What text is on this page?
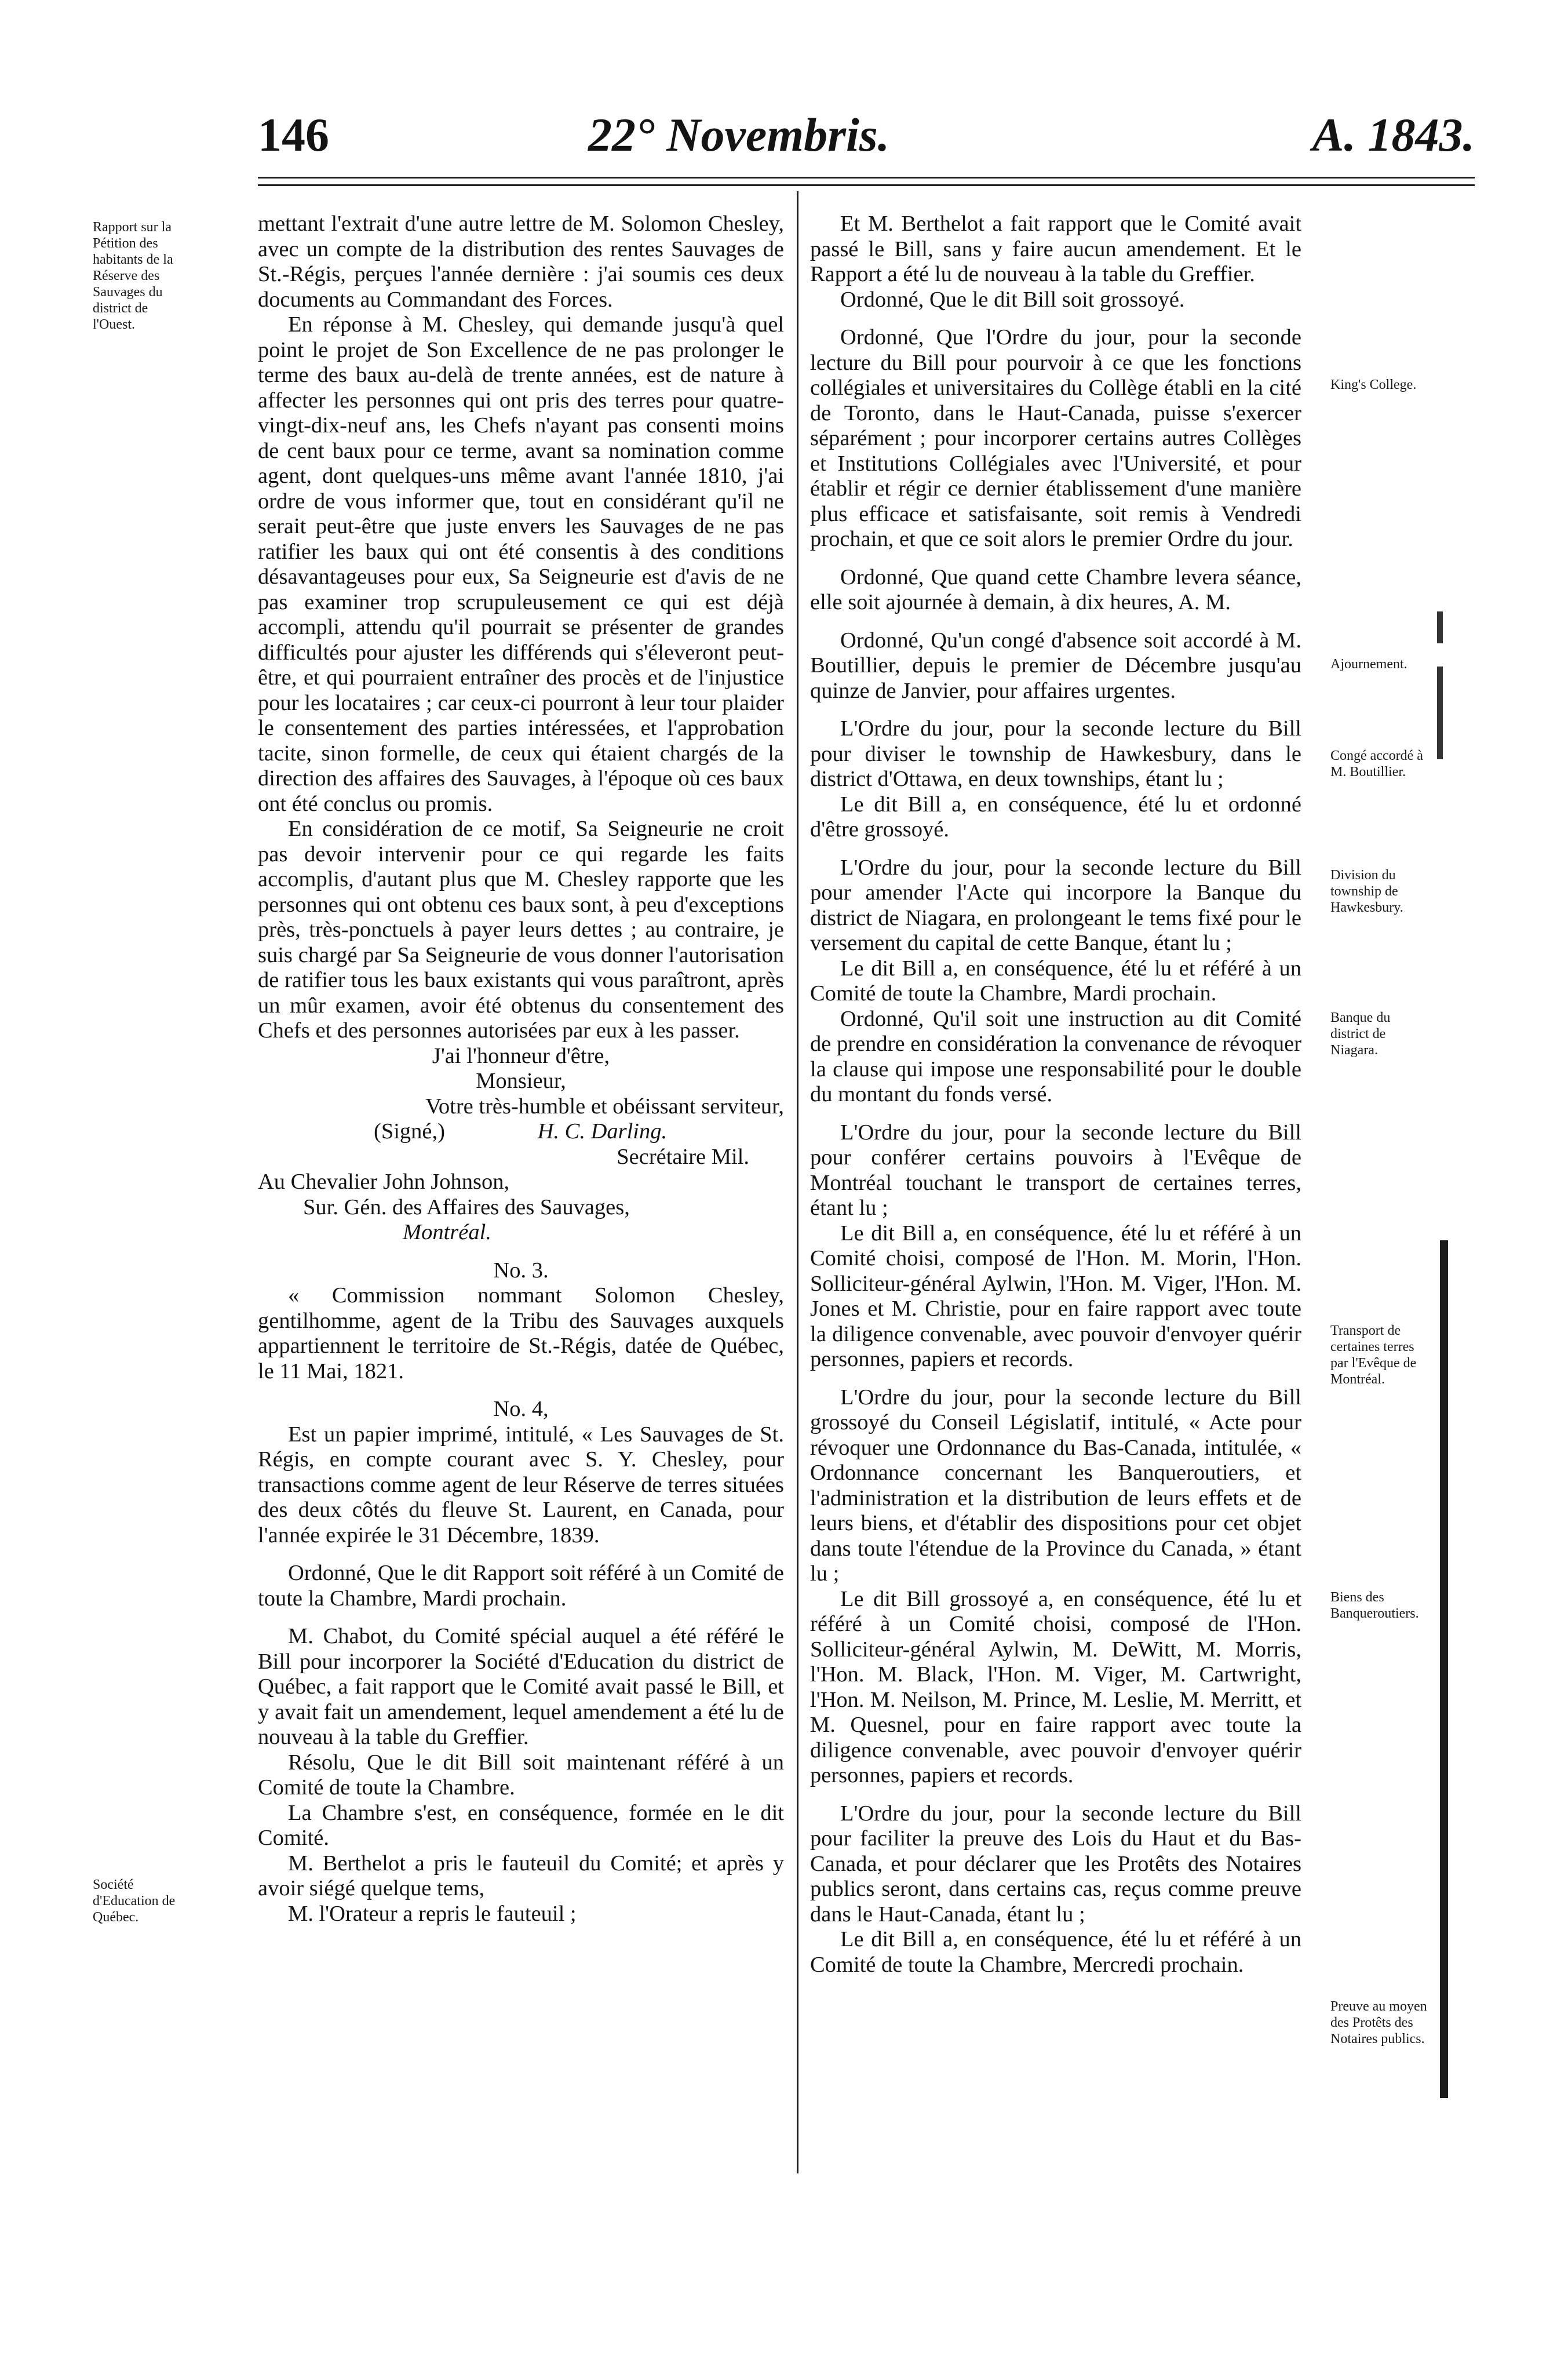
146	22° Novembris.	A. 1843.
Rapport sur la Pétition des habitants de la Réserve des Sauvages du district de l'Ouest.
Société d'Education de Québec.
King's College.
Ajournement.
Congé accordé à M. Boutillier.
Division du township de Hawkesbury.
Banque du district de Niagara.
Transport de certaines terres par l'Evêque de Montréal.
Biens des Banqueroutiers.
Preuve au moyen des Protêts des Notaires publics.

mettant l'extrait d'une autre lettre de M. Solomon Chesley, avec un compte de la distribution des rentes Sauvages de St.-Régis, perçues l'année dernière : j'ai soumis ces deux documents au Commandant des Forces.

En réponse à M. Chesley, qui demande jusqu'à quel point le projet de Son Excellence de ne pas prolonger le terme des baux au-delà de trente années, est de nature à affecter les personnes qui ont pris des terres pour quatre-vingt-dix-neuf ans, les Chefs n'ayant pas consenti moins de cent baux pour ce terme, avant sa nomination comme agent, dont quelques-uns même avant l'année 1810, j'ai ordre de vous informer que, tout en considérant qu'il ne serait peut-être que juste envers les Sauvages de ne pas ratifier les baux qui ont été consentis à des conditions désavantageuses pour eux, Sa Seigneurie est d'avis de ne pas examiner trop scrupuleusement ce qui est déjà accompli, attendu qu'il pourrait se présenter de grandes difficultés pour ajuster les différends qui s'éleveront peut-être, et qui pourraient entraîner des procès et de l'injustice pour les locataires ; car ceux-ci pourront à leur tour plaider le consentement des parties intéressées, et l'approbation tacite, sinon formelle, de ceux qui étaient chargés de la direction des affaires des Sauvages, à l'époque où ces baux ont été conclus ou promis.

En considération de ce motif, Sa Seigneurie ne croit pas devoir intervenir pour ce qui regarde les faits accomplis, d'autant plus que M. Chesley rapporte que les personnes qui ont obtenu ces baux sont, à peu d'exceptions près, très-ponctuels à payer leurs dettes ; au contraire, je suis chargé par Sa Seigneurie de vous donner l'autorisation de ratifier tous les baux existants qui vous paraîtront, après un mûr examen, avoir été obtenus du consentement des Chefs et des personnes autorisées par eux à les passer.

J'ai l'honneur d'être,

Monsieur,

Votre très-humble et obéissant serviteur,

(Signé,)	H. C. Darling.

Secrétaire Mil.

Au Chevalier John Johnson,

Sur. Gén. des Affaires des Sauvages,

Montréal.

No. 3.

« Commission nommant Solomon Chesley, gentilhomme, agent de la Tribu des Sauvages auxquels appartiennent le territoire de St.-Régis, datée de Québec, le 11 Mai, 1821.

No. 4,

Est un papier imprimé, intitulé, « Les Sauvages de St. Régis, en compte courant avec S. Y. Chesley, pour transactions comme agent de leur Réserve de terres situées des deux côtés du fleuve St. Laurent, en Canada, pour l'année expirée le 31 Décembre, 1839.

Ordonné, Que le dit Rapport soit référé à un Comité de toute la Chambre, Mardi prochain.

M. Chabot, du Comité spécial auquel a été référé le Bill pour incorporer la Société d'Education du district de Québec, a fait rapport que le Comité avait passé le Bill, et y avait fait un amendement, lequel amendement a été lu de nouveau à la table du Greffier.

Résolu, Que le dit Bill soit maintenant référé à un Comité de toute la Chambre.

La Chambre s'est, en conséquence, formée en le dit Comité.

M. Berthelot a pris le fauteuil du Comité; et après y avoir siégé quelque tems,

M. l'Orateur a repris le fauteuil ;

Et M. Berthelot a fait rapport que le Comité avait passé le Bill, sans y faire aucun amendement. Et le Rapport a été lu de nouveau à la table du Greffier.

Ordonné, Que le dit Bill soit grossoyé.

Ordonné, Que l'Ordre du jour, pour la seconde lecture du Bill pour pourvoir à ce que les fonctions collégiales et universitaires du Collège établi en la cité de Toronto, dans le Haut-Canada, puisse s'exercer séparément ; pour incorporer certains autres Collèges et Institutions Collégiales avec l'Université, et pour établir et régir ce dernier établissement d'une manière plus efficace et satisfaisante, soit remis à Vendredi prochain, et que ce soit alors le premier Ordre du jour.

Ordonné, Que quand cette Chambre levera séance, elle soit ajournée à demain, à dix heures, A. M.

Ordonné, Qu'un congé d'absence soit accordé à M. Boutillier, depuis le premier de Décembre jusqu'au quinze de Janvier, pour affaires urgentes.

L'Ordre du jour, pour la seconde lecture du Bill pour diviser le township de Hawkesbury, dans le district d'Ottawa, en deux townships, étant lu ;

Le dit Bill a, en conséquence, été lu et ordonné d'être grossoyé.

L'Ordre du jour, pour la seconde lecture du Bill pour amender l'Acte qui incorpore la Banque du district de Niagara, en prolongeant le tems fixé pour le versement du capital de cette Banque, étant lu ;

Le dit Bill a, en conséquence, été lu et référé à un Comité de toute la Chambre, Mardi prochain.

Ordonné, Qu'il soit une instruction au dit Comité de prendre en considération la convenance de révoquer la clause qui impose une responsabilité pour le double du montant du fonds versé.

L'Ordre du jour, pour la seconde lecture du Bill pour conférer certains pouvoirs à l'Evêque de Montréal touchant le transport de certaines terres, étant lu ;

Le dit Bill a, en conséquence, été lu et référé à un Comité choisi, composé de l'Hon. M. Morin, l'Hon. Solliciteur-général Aylwin, l'Hon. M. Viger, l'Hon. M. Jones et M. Christie, pour en faire rapport avec toute la diligence convenable, avec pouvoir d'envoyer quérir personnes, papiers et records.

L'Ordre du jour, pour la seconde lecture du Bill grossoyé du Conseil Législatif, intitulé, « Acte pour révoquer une Ordonnance du Bas-Canada, intitulée, « Ordonnance concernant les Banqueroutiers, et l'administration et la distribution de leurs effets et de leurs biens, et d'établir des dispositions pour cet objet dans toute l'étendue de la Province du Canada, » étant lu ;

Le dit Bill grossoyé a, en conséquence, été lu et référé à un Comité choisi, composé de l'Hon. Solliciteur-général Aylwin, M. DeWitt, M. Morris, l'Hon. M. Black, l'Hon. M. Viger, M. Cartwright, l'Hon. M. Neilson, M. Prince, M. Leslie, M. Merritt, et M. Quesnel, pour en faire rapport avec toute la diligence convenable, avec pouvoir d'envoyer quérir personnes, papiers et records.

L'Ordre du jour, pour la seconde lecture du Bill pour faciliter la preuve des Lois du Haut et du Bas-Canada, et pour déclarer que les Protêts des Notaires publics seront, dans certains cas, reçus comme preuve dans le Haut-Canada, étant lu ;

Le dit Bill a, en conséquence, été lu et référé à un Comité de toute la Chambre, Mercredi prochain.
